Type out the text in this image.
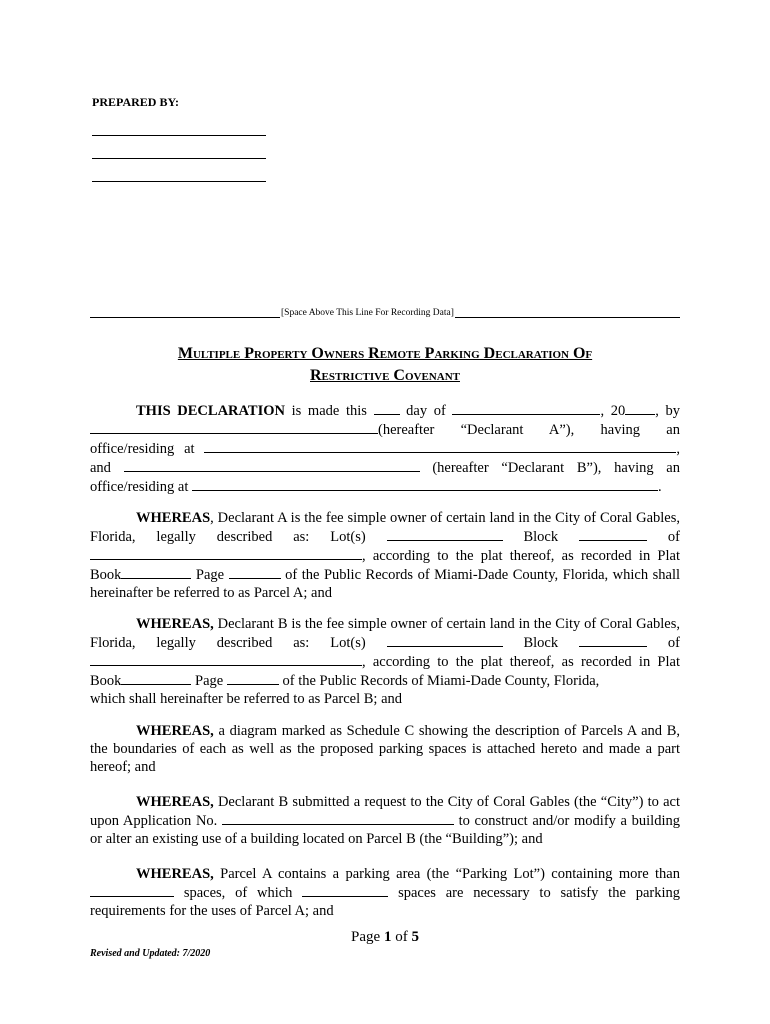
PREPARED BY:
[Space Above This Line For Recording Data]
Multiple Property Owners Remote Parking Declaration Of
Restrictive Covenant

THIS DECLARATION is made this  day of	, 20 , by

(hereafter “Declarant A”), having an

office/residing at	,

and	(hereafter “Declarant B”), having an

office/residing at	.

WHEREAS, Declarant A is the fee simple owner of certain land in the City of Coral Gables, Florida, legally described as: Lot(s)	Block	of , according to the plat thereof, as recorded in Plat Book	Page	of the Public Records of Miami-Dade County, Florida, which shall hereinafter be referred to as Parcel A; and

WHEREAS, Declarant B is the fee simple owner of certain land in the City of Coral Gables, Florida, legally described as: Lot(s)	Block	of , according to the plat thereof, as recorded in Plat Book	Page	of the Public Records of Miami-Dade County, Florida,

which shall hereinafter be referred to as Parcel B; and

WHEREAS, a diagram marked as Schedule C showing the description of Parcels A and B, the boundaries of each as well as the proposed parking spaces is attached hereto and made a part hereof; and

WHEREAS, Declarant B submitted a request to the City of Coral Gables (the “City”) to act upon Application No.	to construct and/or modify a building or alter an existing use of a building located on Parcel B (the “Building”); and

WHEREAS, Parcel A contains a parking area (the “Parking Lot”) containing more than  spaces, of which	spaces are necessary to satisfy the parking requirements for the uses of Parcel A; and

Page 1 of 5
Revised and Updated: 7/2020
